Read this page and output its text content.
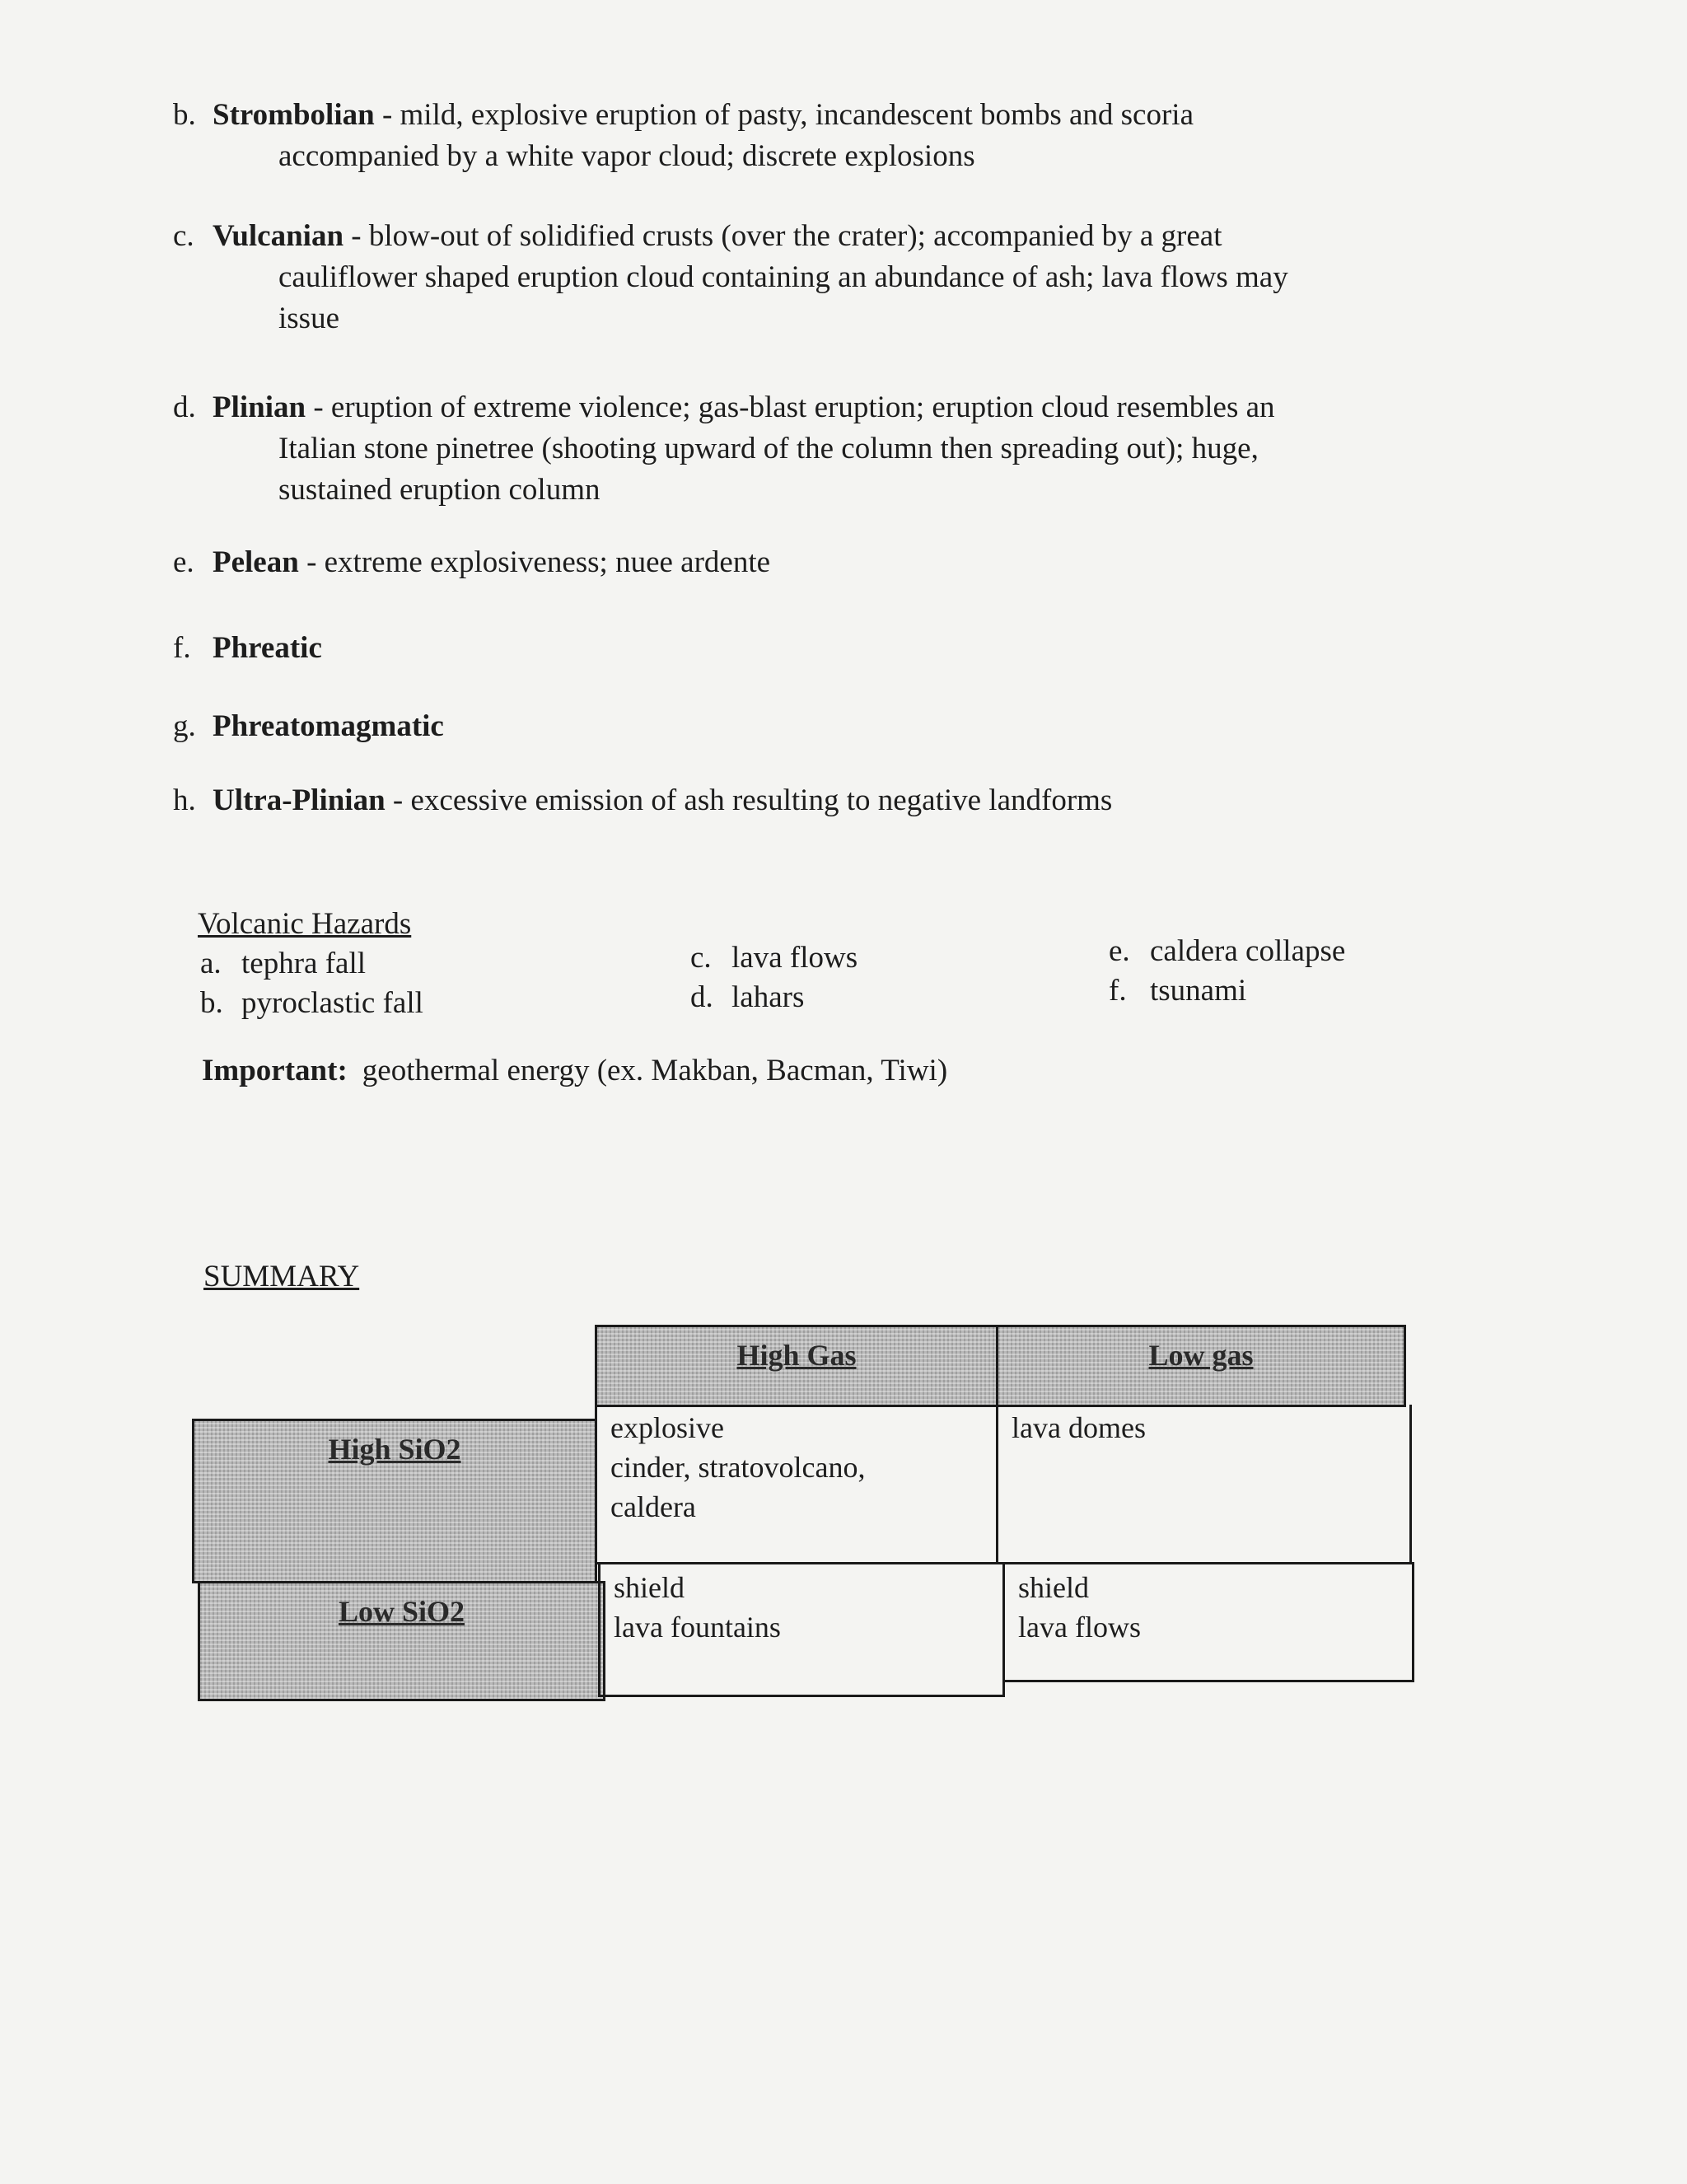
b. Strombolian - mild, explosive eruption of pasty, incandescent bombs and scoria
accompanied by a white vapor cloud; discrete explosions
c. Vulcanian - blow-out of solidified crusts (over the crater); accompanied by a great
cauliflower shaped eruption cloud containing an abundance of ash; lava flows may
issue
d. Plinian - eruption of extreme violence; gas-blast eruption; eruption cloud resembles an
Italian stone pinetree (shooting upward of the column then spreading out); huge,
sustained eruption column
e. Pelean - extreme explosiveness; nuee ardente
f. Phreatic
g. Phreatomagmatic
h. Ultra-Plinian - excessive emission of ash resulting to negative landforms
Volcanic Hazards
a. tephra fall
b. pyroclastic fall
c. lava flows
d. lahars
e. caldera collapse
f. tsunami
Important: geothermal energy (ex. Makban, Bacman, Tiwi)
SUMMARY
High Gas	Low gas
High SiO2
Low SiO2
explosive
cinder, stratovolcano,
caldera
lava domes
shield
lava fountains
shield
lava flows
